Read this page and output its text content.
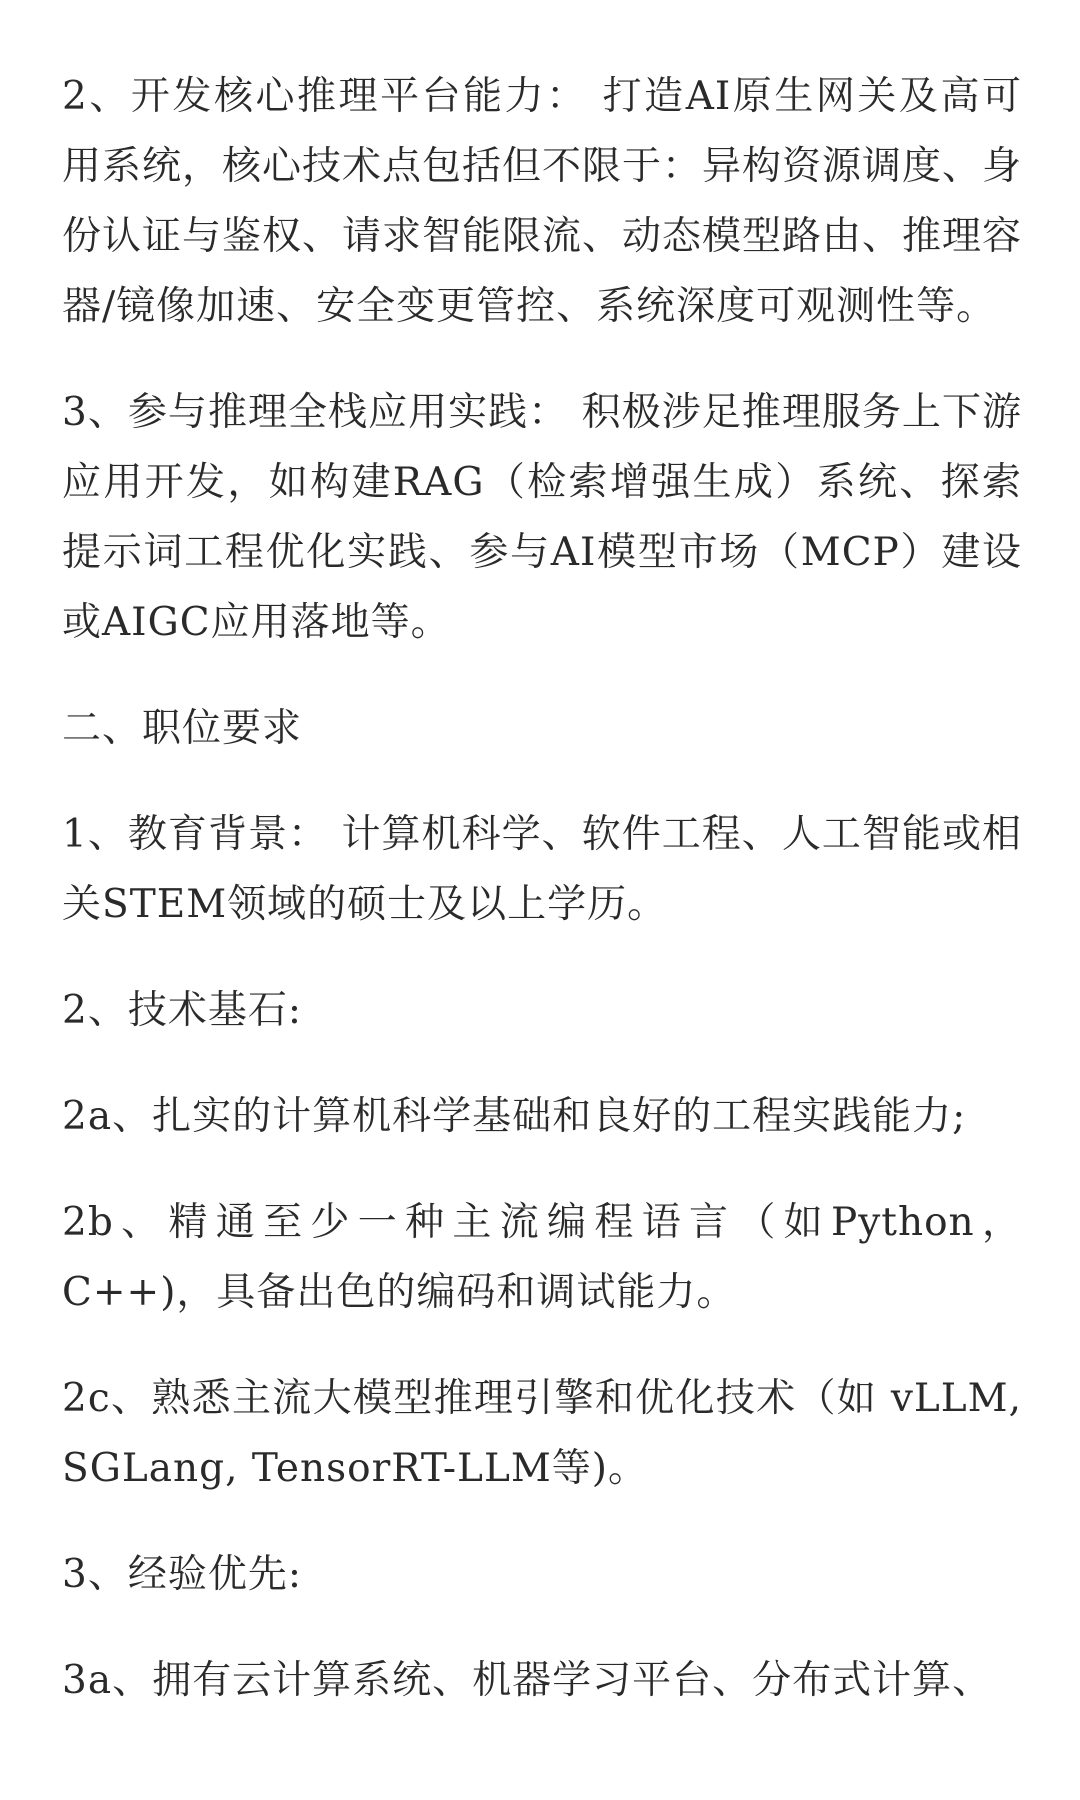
2、开发核心推理平台能力： 打造AI原生网关及高可用系统，核心技术点包括但不限于：异构资源调度、身份认证与鉴权、请求智能限流、动态模型路由、推理容器/镜像加速、安全变更管控、系统深度可观测性等。

3、参与推理全栈应用实践： 积极涉足推理服务上下游应用开发，如构建RAG（检索增强生成）系统、探索提示词工程优化实践、参与AI模型市场（MCP）建设或AIGC应用落地等。

二、职位要求

1、教育背景： 计算机科学、软件工程、人工智能或相关STEM领域的硕士及以上学历。

2、技术基石:

2a、扎实的计算机科学基础和良好的工程实践能力;

2b、精通至少一种主流编程语言（如Python，C++)，具备出色的编码和调试能力。

2c、熟悉主流大模型推理引擎和优化技术（如 vLLM, SGLang, TensorRT-LLM等)。

3、经验优先:

3a、拥有云计算系统、机器学习平台、分布式计算、
